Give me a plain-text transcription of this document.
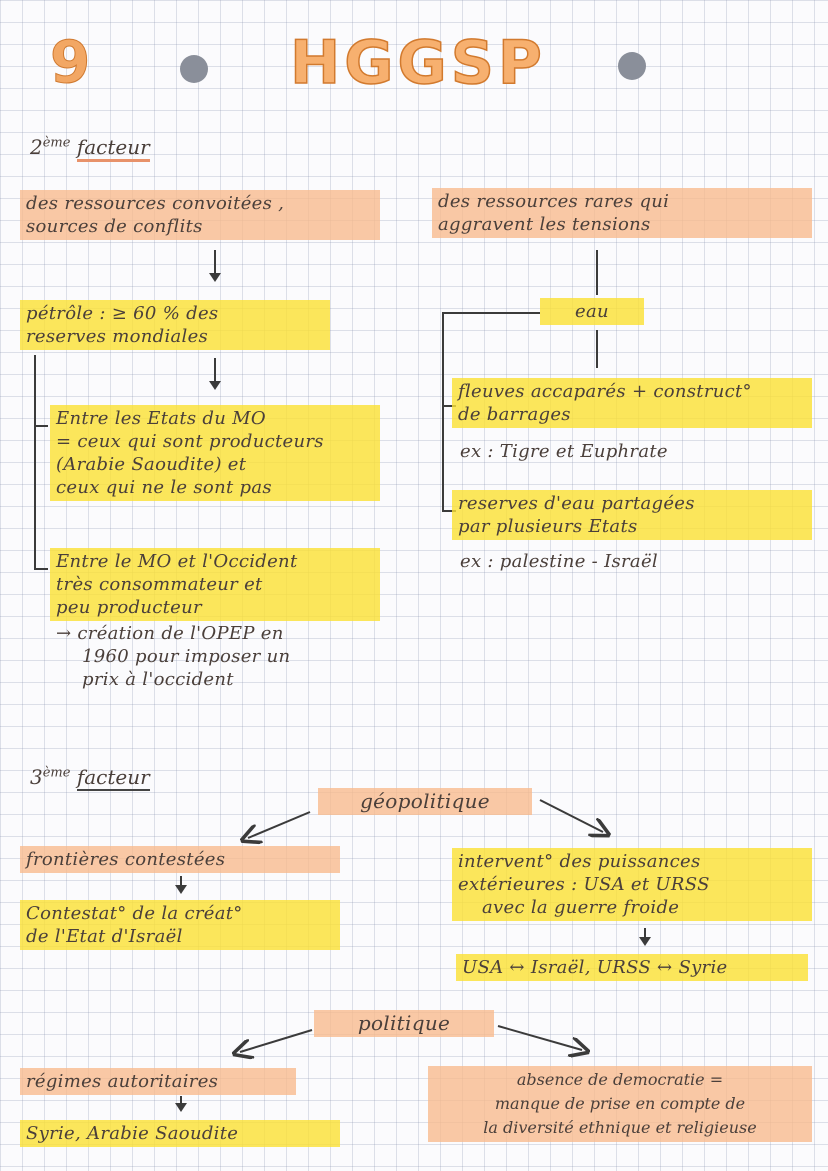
9	HGGSP
2ème facteur
des ressources convoitées ,
sources de conflits
pétrôle : ≥ 60 % des
reserves mondiales
Entre les Etats du MO
= ceux qui sont producteurs
(Arabie Saoudite) et
ceux qui ne le sont pas
Entre le MO et l'Occident
très consommateur et
peu producteur
→ création de l'OPEP en
1960 pour imposer un
prix à l'occident
des ressources rares qui
aggravent les tensions
eau
fleuves accaparés + construct°
de barrages
ex : Tigre et Euphrate
reserves d'eau partagées
par plusieurs Etats
ex : palestine - Israël
3ème facteur
géopolitique
frontières contestées
Contestat° de la créat°
de l'Etat d'Israël
intervent° des puissances
extérieures : USA et URSS
avec la guerre froide
USA ↔ Israël, URSS ↔ Syrie
politique
régimes autoritaires
Syrie, Arabie Saoudite
absence de democratie =
manque de prise en compte de
la diversité ethnique et religieuse
